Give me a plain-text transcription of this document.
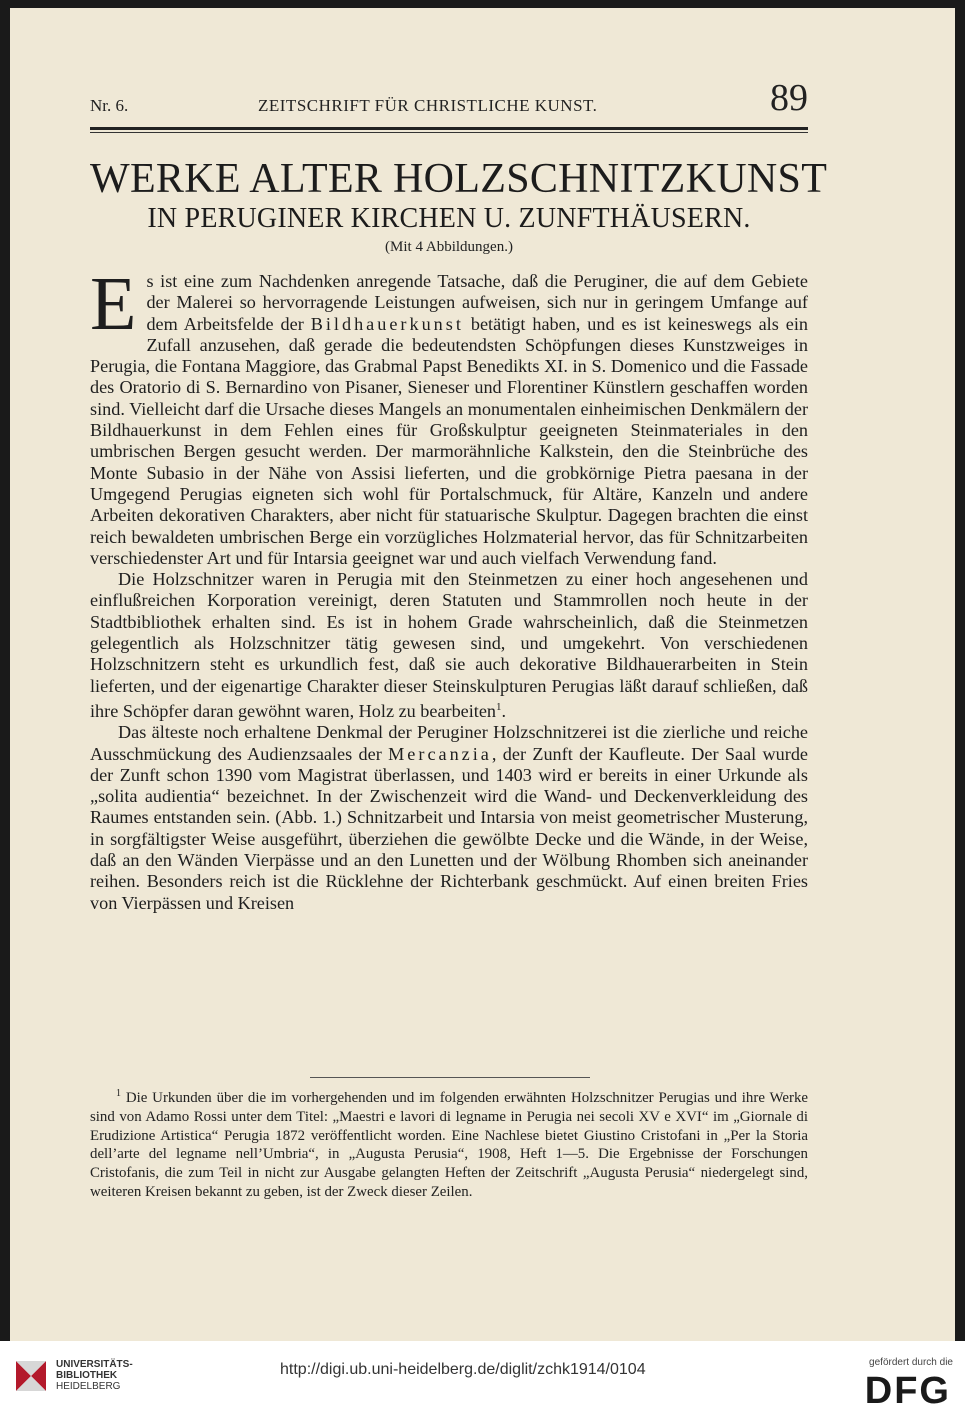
Nr. 6.	ZEITSCHRIFT FÜR CHRISTLICHE KUNST.	89
WERKE ALTER HOLZSCHNITZKUNST
IN PERUGINER KIRCHEN U. ZUNFTHÄUSERN.
(Mit 4 Abbildungen.)

Es ist eine zum Nachdenken anregende Tatsache, daß die Peruginer, die auf dem Gebiete der Malerei so hervorragende Leistungen aufweisen, sich nur in geringem Umfange auf dem Arbeitsfelde der Bildhauerkunst betätigt haben, und es ist keineswegs als ein Zufall anzusehen, daß gerade die bedeutendsten Schöpfungen dieses Kunstzweiges in Perugia, die Fontana Maggiore, das Grabmal Papst Benedikts XI. in S. Domenico und die Fassade des Oratorio di S. Bernardino von Pisaner, Sieneser und Florentiner Künstlern geschaffen worden sind. Vielleicht darf die Ursache dieses Mangels an monumentalen einheimischen Denkmälern der Bildhauerkunst in dem Fehlen eines für Großskulptur geeigneten Steinmateriales in den umbrischen Bergen gesucht werden. Der marmorähnliche Kalkstein, den die Steinbrüche des Monte Subasio in der Nähe von Assisi lieferten, und die grobkörnige Pietra paesana in der Umgegend Perugias eigneten sich wohl für Portalschmuck, für Altäre, Kanzeln und andere Arbeiten dekorativen Charakters, aber nicht für statuarische Skulptur. Dagegen brachten die einst reich bewaldeten umbrischen Berge ein vorzügliches Holzmaterial hervor, das für Schnitzarbeiten verschiedenster Art und für Intarsia geeignet war und auch vielfach Verwendung fand.

Die Holzschnitzer waren in Perugia mit den Steinmetzen zu einer hoch angesehenen und einflußreichen Korporation vereinigt, deren Statuten und Stammrollen noch heute in der Stadtbibliothek erhalten sind. Es ist in hohem Grade wahrscheinlich, daß die Steinmetzen gelegentlich als Holzschnitzer tätig gewesen sind, und umgekehrt. Von verschiedenen Holzschnitzern steht es urkundlich fest, daß sie auch dekorative Bildhauerarbeiten in Stein lieferten, und der eigenartige Charakter dieser Steinskulpturen Perugias läßt darauf schließen, daß ihre Schöpfer daran gewöhnt waren, Holz zu bearbeiten$^1$.

Das älteste noch erhaltene Denkmal der Peruginer Holzschnitzerei ist die zierliche und reiche Ausschmückung des Audienzsaales der Mercanzia, der Zunft der Kaufleute. Der Saal wurde der Zunft schon 1390 vom Magistrat überlassen, und 1403 wird er bereits in einer Urkunde als „solita audientia“ bezeichnet. In der Zwischenzeit wird die Wand- und Deckenverkleidung des Raumes entstanden sein. (Abb. 1.) Schnitzarbeit und Intarsia von meist geometrischer Musterung, in sorgfältigster Weise ausgeführt, überziehen die gewölbte Decke und die Wände, in der Weise, daß an den Wänden Vierpässe und an den Lunetten und der Wölbung Rhomben sich aneinander reihen. Besonders reich ist die Rücklehne der Richterbank geschmückt. Auf einen breiten Fries von Vierpässen und Kreisen

$^1$ Die Urkunden über die im vorhergehenden und im folgenden erwähnten Holzschnitzer Perugias und ihre Werke sind von Adamo Rossi unter dem Titel: „Maestri e lavori di legname in Perugia nei secoli XV e XVI“ im „Giornale di Erudizione Artistica“ Perugia 1872 veröffentlicht worden. Eine Nachlese bietet Giustino Cristofani in „Per la Storia dell’arte del legname nell’Umbria“, in „Augusta Perusia“, 1908, Heft 1—5. Die Ergebnisse der Forschungen Cristofanis, die zum Teil in nicht zur Ausgabe gelangten Heften der Zeitschrift „Augusta Perusia“ niedergelegt sind, weiteren Kreisen bekannt zu geben, ist der Zweck dieser Zeilen.

UNIVERSITÄTS-
BIBLIOTHEK
HEIDELBERG
http://digi.ub.uni-heidelberg.de/diglit/zchk1914/0104	gefördert durch die
DFG
